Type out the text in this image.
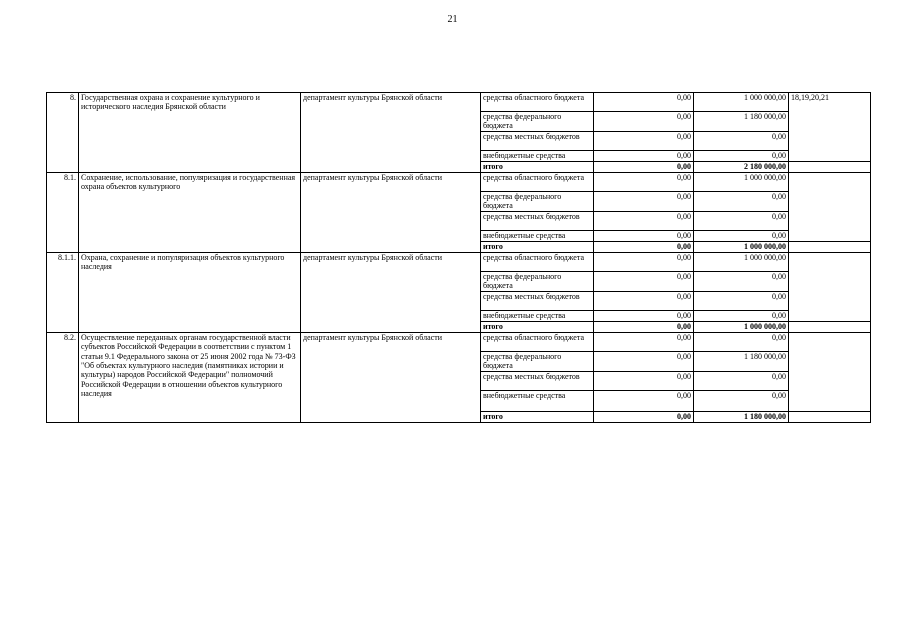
21
8.	Государственная охрана и сохранение культурного и исторического наследия Брянской области	департамент культуры Брянской области	средства областного бюджета	0,00	1 000 000,00	18,19,20,21
			средства федерального бюджета	0,00	1 180 000,00	
			средства местных бюджетов	0,00	0,00	
			внебюджетные средства	0,00	0,00	
			итого	0,00	2 180 000,00	
8.1.	Сохранение, использование, популяризация и государственная охрана объектов культурного	департамент культуры Брянской области	средства областного бюджета	0,00	1 000 000,00	
			средства федерального бюджета	0,00	0,00	
			средства местных бюджетов	0,00	0,00	
			внебюджетные средства	0,00	0,00	
			итого	0,00	1 000 000,00	
8.1.1.	Охрана, сохранение и популяризация объектов культурного наследия	департамент культуры Брянской области	средства областного бюджета	0,00	1 000 000,00	
			средства федерального бюджета	0,00	0,00	
			средства местных бюджетов	0,00	0,00	
			внебюджетные средства	0,00	0,00	
			итого	0,00	1 000 000,00	
8.2.	Осуществление переданных органам государственной власти субъектов Российской Федерации в соответствии с пунктом 1 статьи 9.1 Федерального закона от 25 июня 2002 года № 73-ФЗ "Об объектах культурного наследия (памятниках истории и культуры) народов Российской Федерации" полномочий Российской Федерации в отношении объектов культурного наследия	департамент культуры Брянской области	средства областного бюджета	0,00	0,00	
			средства федерального бюджета	0,00	1 180 000,00	
			средства местных бюджетов	0,00	0,00	
			внебюджетные средства	0,00	0,00	
			итого	0,00	1 180 000,00	
